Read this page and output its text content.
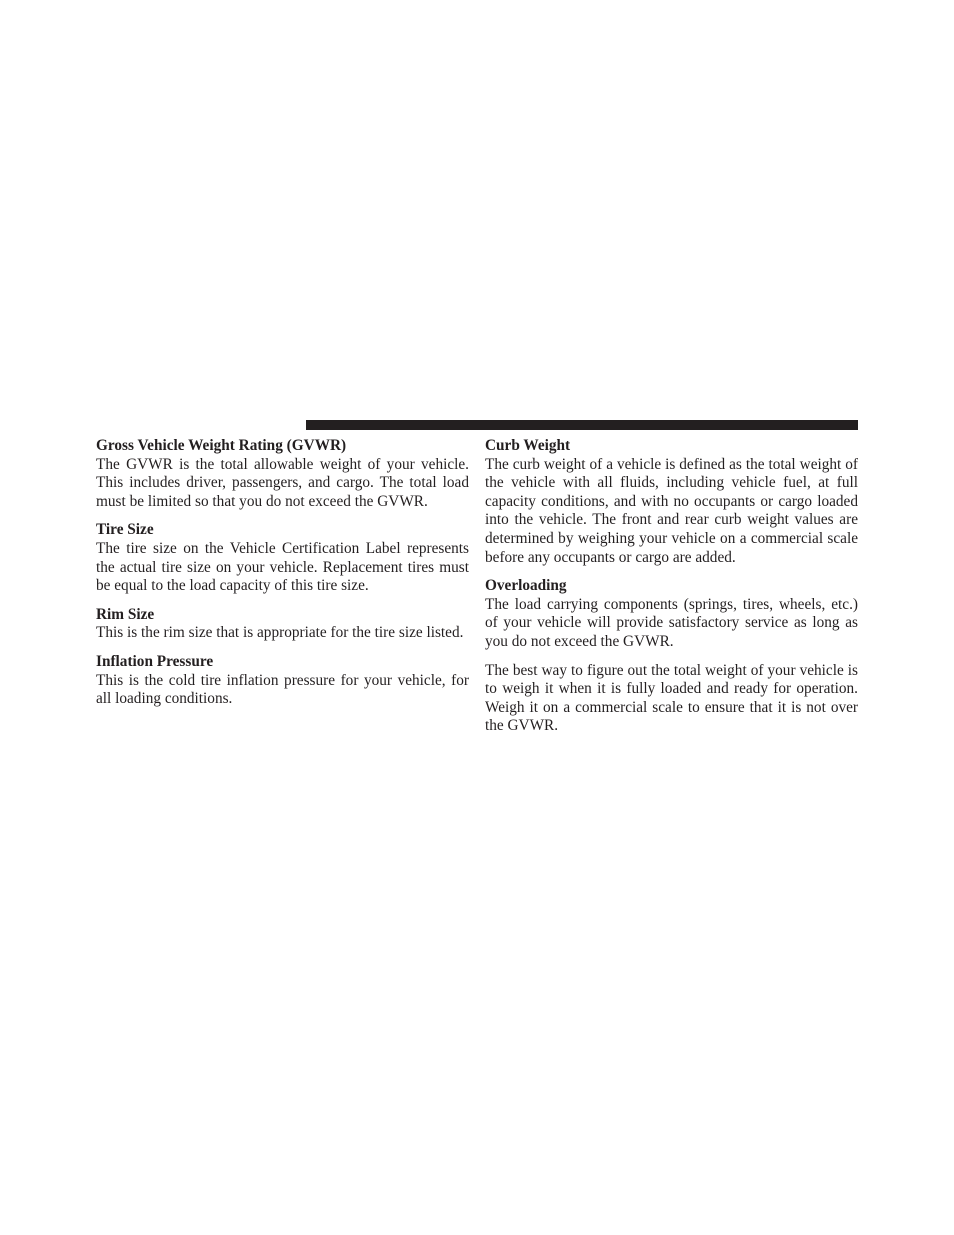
Gross Vehicle Weight Rating (GVWR)

The GVWR is the total allowable weight of your vehicle. This includes driver, passengers, and cargo. The total load must be limited so that you do not exceed the GVWR.

Tire Size

The tire size on the Vehicle Certification Label represents the actual tire size on your vehicle. Replacement tires must be equal to the load capacity of this tire size.

Rim Size

This is the rim size that is appropriate for the tire size listed.

Inflation Pressure

This is the cold tire inflation pressure for your vehicle, for all loading conditions.

Curb Weight

The curb weight of a vehicle is defined as the total weight of the vehicle with all fluids, including vehicle fuel, at full capacity conditions, and with no occupants or cargo loaded into the vehicle. The front and rear curb weight values are determined by weighing your vehicle on a commercial scale before any occupants or cargo are added.

Overloading

The load carrying components (springs, tires, wheels, etc.) of your vehicle will provide satisfactory service as long as you do not exceed the GVWR.

The best way to figure out the total weight of your vehicle is to weigh it when it is fully loaded and ready for operation. Weigh it on a commercial scale to ensure that it is not over the GVWR.
